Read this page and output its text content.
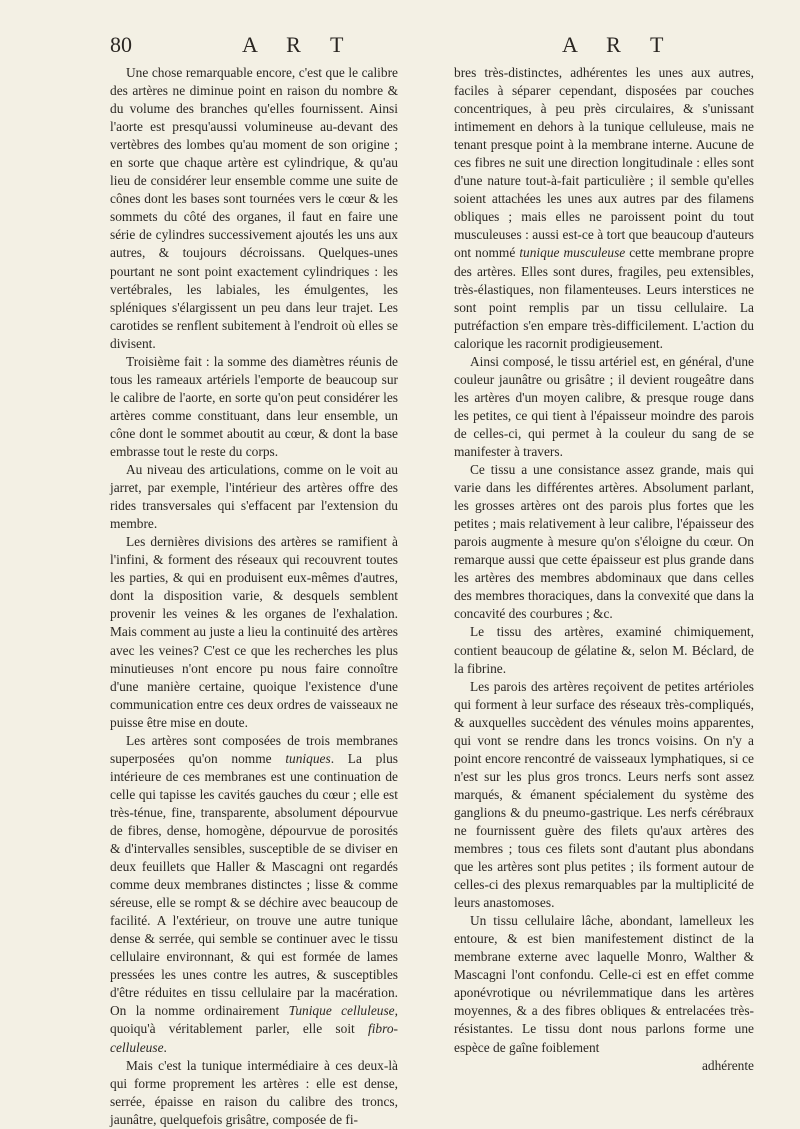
80	A R T	A R T

Une chose remarquable encore, c'est que le calibre des artères ne diminue point en raison du nombre & du volume des branches qu'elles fournissent. Ainsi l'aorte est presqu'aussi volumineuse au-devant des vertèbres des lombes qu'au moment de son origine ; en sorte que chaque artère est cylindrique, & qu'au lieu de considérer leur ensemble comme une suite de cônes dont les bases sont tournées vers le cœur & les sommets du côté des organes, il faut en faire une série de cylindres successivement ajoutés les uns aux autres, & toujours décroissans. Quelques-unes pourtant ne sont point exactement cylindriques : les vertébrales, les labiales, les émulgentes, les spléniques s'élargissent un peu dans leur trajet. Les carotides se renflent subitement à l'endroit où elles se divisent.

Troisième fait : la somme des diamètres réunis de tous les rameaux artériels l'emporte de beaucoup sur le calibre de l'aorte, en sorte qu'on peut considérer les artères comme constituant, dans leur ensemble, un cône dont le sommet aboutit au cœur, & dont la base embrasse tout le reste du corps.

Au niveau des articulations, comme on le voit au jarret, par exemple, l'intérieur des artères offre des rides transversales qui s'effacent par l'extension du membre.

Les dernières divisions des artères se ramifient à l'infini, & forment des réseaux qui recouvrent toutes les parties, & qui en produisent eux-mêmes d'autres, dont la disposition varie, & desquels semblent provenir les veines & les organes de l'exhalation. Mais comment au juste a lieu la continuité des artères avec les veines? C'est ce que les recherches les plus minutieuses n'ont encore pu nous faire connoître d'une manière certaine, quoique l'existence d'une communication entre ces deux ordres de vaisseaux ne puisse être mise en doute.

Les artères sont composées de trois membranes superposées qu'on nomme tuniques. La plus intérieure de ces membranes est une continuation de celle qui tapisse les cavités gauches du cœur ; elle est très-ténue, fine, transparente, absolument dépourvue de fibres, dense, homogène, dépourvue de porosités & d'intervalles sensibles, susceptible de se diviser en deux feuillets que Haller & Mascagni ont regardés comme deux membranes distinctes ; lisse & comme séreuse, elle se rompt & se déchire avec beaucoup de facilité. A l'extérieur, on trouve une autre tunique dense & serrée, qui semble se continuer avec le tissu cellulaire environnant, & qui est formée de lames pressées les unes contre les autres, & susceptibles d'être réduites en tissu cellulaire par la macération. On la nomme ordinairement Tunique celluleuse, quoiqu'à véritablement parler, elle soit fibro-celluleuse.

Mais c'est la tunique intermédiaire à ces deux-là qui forme proprement les artères : elle est dense, serrée, épaisse en raison du calibre des troncs, jaunâtre, quelquefois grisâtre, composée de fi-

bres très-distinctes, adhérentes les unes aux autres, faciles à séparer cependant, disposées par couches concentriques, à peu près circulaires, & s'unissant intimement en dehors à la tunique celluleuse, mais ne tenant presque point à la membrane interne. Aucune de ces fibres ne suit une direction longitudinale : elles sont d'une nature tout-à-fait particulière ; il semble qu'elles soient attachées les unes aux autres par des filamens obliques ; mais elles ne paroissent point du tout musculeuses : aussi est-ce à tort que beaucoup d'auteurs ont nommé tunique musculeuse cette membrane propre des artères. Elles sont dures, fragiles, peu extensibles, très-élastiques, non filamenteuses. Leurs interstices ne sont point remplis par un tissu cellulaire. La putréfaction s'en empare très-difficilement. L'action du calorique les racornit prodigieusement.

Ainsi composé, le tissu artériel est, en général, d'une couleur jaunâtre ou grisâtre ; il devient rougeâtre dans les artères d'un moyen calibre, & presque rouge dans les petites, ce qui tient à l'épaisseur moindre des parois de celles-ci, qui permet à la couleur du sang de se manifester à travers.

Ce tissu a une consistance assez grande, mais qui varie dans les différentes artères. Absolument parlant, les grosses artères ont des parois plus fortes que les petites ; mais relativement à leur calibre, l'épaisseur des parois augmente à mesure qu'on s'éloigne du cœur. On remarque aussi que cette épaisseur est plus grande dans les artères des membres abdominaux que dans celles des membres thoraciques, dans la convexité que dans la concavité des courbures ; &c.

Le tissu des artères, examiné chimiquement, contient beaucoup de gélatine &, selon M. Béclard, de la fibrine.

Les parois des artères reçoivent de petites artérioles qui forment à leur surface des réseaux très-compliqués, & auxquelles succèdent des vénules moins apparentes, qui vont se rendre dans les troncs voisins. On n'y a point encore rencontré de vaisseaux lymphatiques, si ce n'est sur les plus gros troncs. Leurs nerfs sont assez marqués, & émanent spécialement du système des ganglions & du pneumo-gastrique. Les nerfs cérébraux ne fournissent guère des filets qu'aux artères des membres ; tous ces filets sont d'autant plus abondans que les artères sont plus petites ; ils forment autour de celles-ci des plexus remarquables par la multiplicité de leurs anastomoses.

Un tissu cellulaire lâche, abondant, lamelleux les entoure, & est bien manifestement distinct de la membrane externe avec laquelle Monro, Walther & Mascagni l'ont confondu. Celle-ci est en effet comme aponévrotique ou névrilemmatique dans les artères moyennes, & a des fibres obliques & entrelacées très-résistantes. Le tissu dont nous parlons forme une espèce de gaîne foiblement

adhérente
